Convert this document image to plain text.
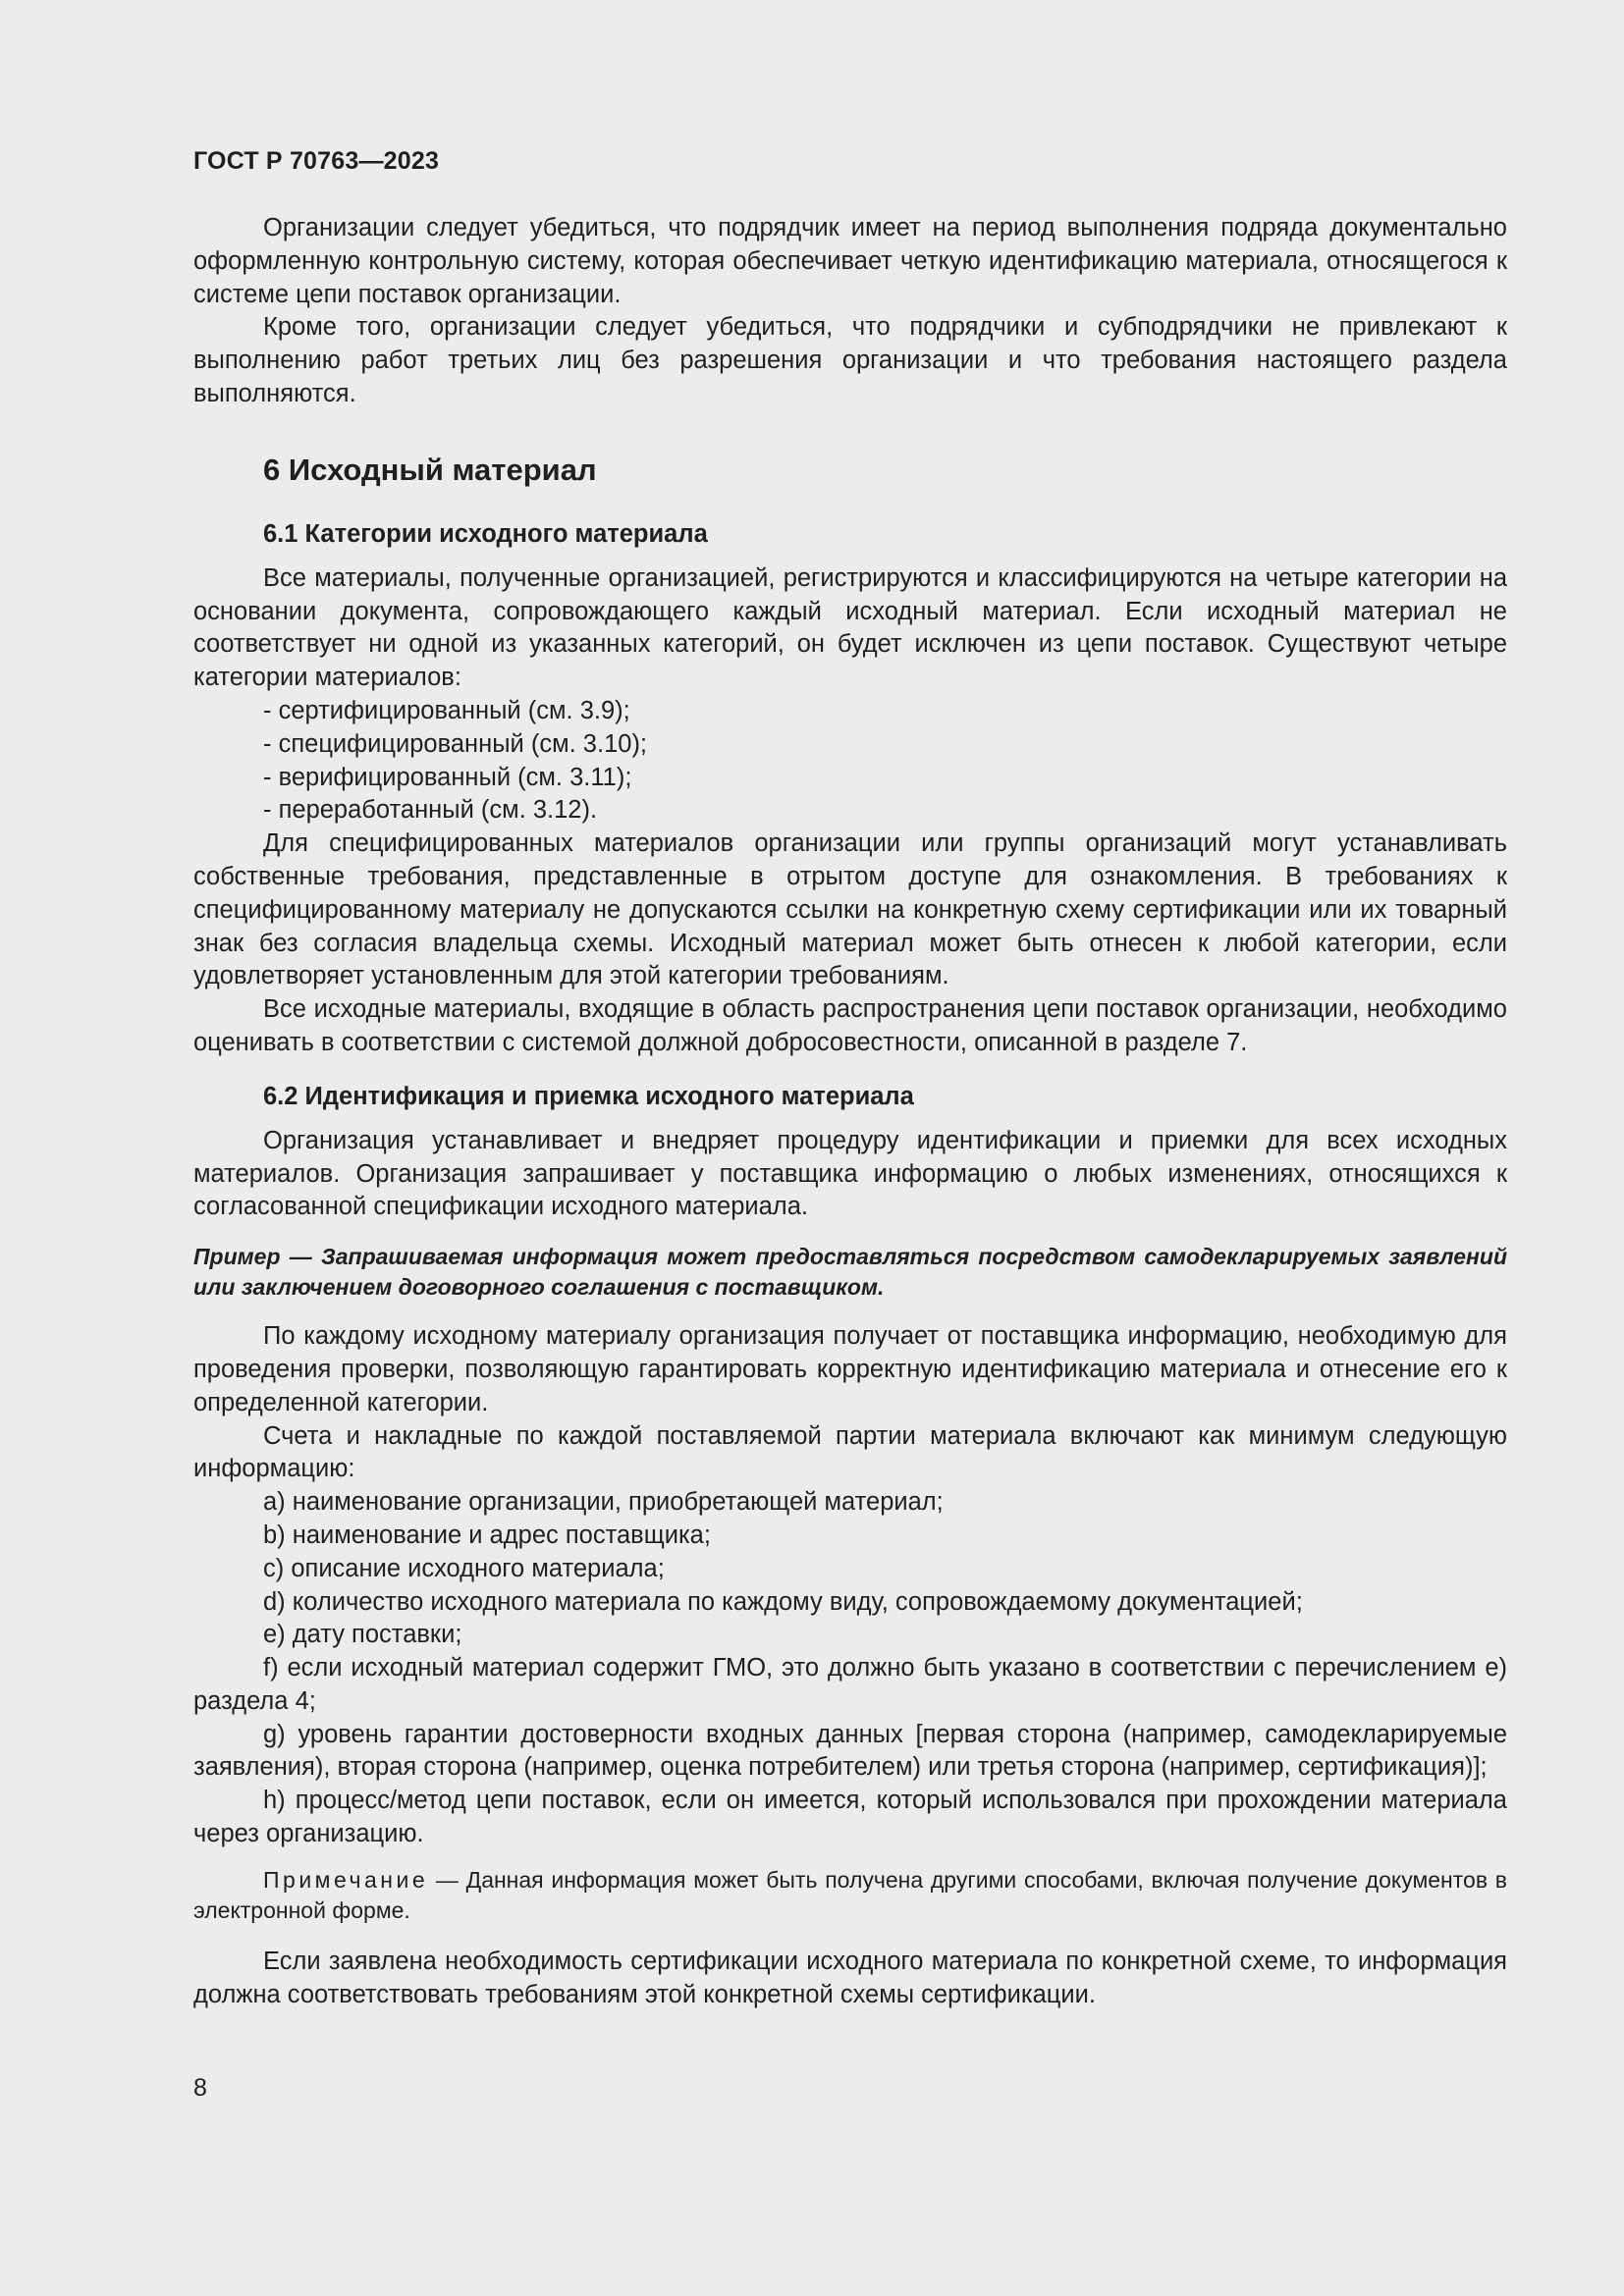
ГОСТ Р 70763—2023

Организации следует убедиться, что подрядчик имеет на период выполнения подряда документально оформленную контрольную систему, которая обеспечивает четкую идентификацию материала, относящегося к системе цепи поставок организации.

Кроме того, организации следует убедиться, что подрядчики и субподрядчики не привлекают к выполнению работ третьих лиц без разрешения организации и что требования настоящего раздела выполняются.

6 Исходный материал
6.1 Категории исходного материала

Все материалы, полученные организацией, регистрируются и классифицируются на четыре категории на основании документа, сопровождающего каждый исходный материал. Если исходный материал не соответствует ни одной из указанных категорий, он будет исключен из цепи поставок. Существуют четыре категории материалов:

- сертифицированный (см. 3.9);
- специфицированный (см. 3.10);
- верифицированный (см. 3.11);
- переработанный (см. 3.12).

Для специфицированных материалов организации или группы организаций могут устанавливать собственные требования, представленные в отрытом доступе для ознакомления. В требованиях к специфицированному материалу не допускаются ссылки на конкретную схему сертификации или их товарный знак без согласия владельца схемы. Исходный материал может быть отнесен к любой категории, если удовлетворяет установленным для этой категории требованиям.

Все исходные материалы, входящие в область распространения цепи поставок организации, необходимо оценивать в соответствии с системой должной добросовестности, описанной в разделе 7.

6.2 Идентификация и приемка исходного материала

Организация устанавливает и внедряет процедуру идентификации и приемки для всех исходных материалов. Организация запрашивает у поставщика информацию о любых изменениях, относящихся к согласованной спецификации исходного материала.

Пример — Запрашиваемая информация может предоставляться посредством самодекларируемых заявлений или заключением договорного соглашения с поставщиком.

По каждому исходному материалу организация получает от поставщика информацию, необходимую для проведения проверки, позволяющую гарантировать корректную идентификацию материала и отнесение его к определенной категории.

Счета и накладные по каждой поставляемой партии материала включают как минимум следующую информацию:

a) наименование организации, приобретающей материал;
b) наименование и адрес поставщика;
c) описание исходного материала;
d) количество исходного материала по каждому виду, сопровождаемому документацией;
e) дату поставки;
f) если исходный материал содержит ГМО, это должно быть указано в соответствии с перечислением e) раздела 4;
g) уровень гарантии достоверности входных данных [первая сторона (например, самодекларируемые заявления), вторая сторона (например, оценка потребителем) или третья сторона (например, сертификация)];
h) процесс/метод цепи поставок, если он имеется, который использовался при прохождении материала через организацию.
Примечание — Данная информация может быть получена другими способами, включая получение документов в электронной форме.

Если заявлена необходимость сертификации исходного материала по конкретной схеме, то информация должна соответствовать требованиям этой конкретной схемы сертификации.

8
